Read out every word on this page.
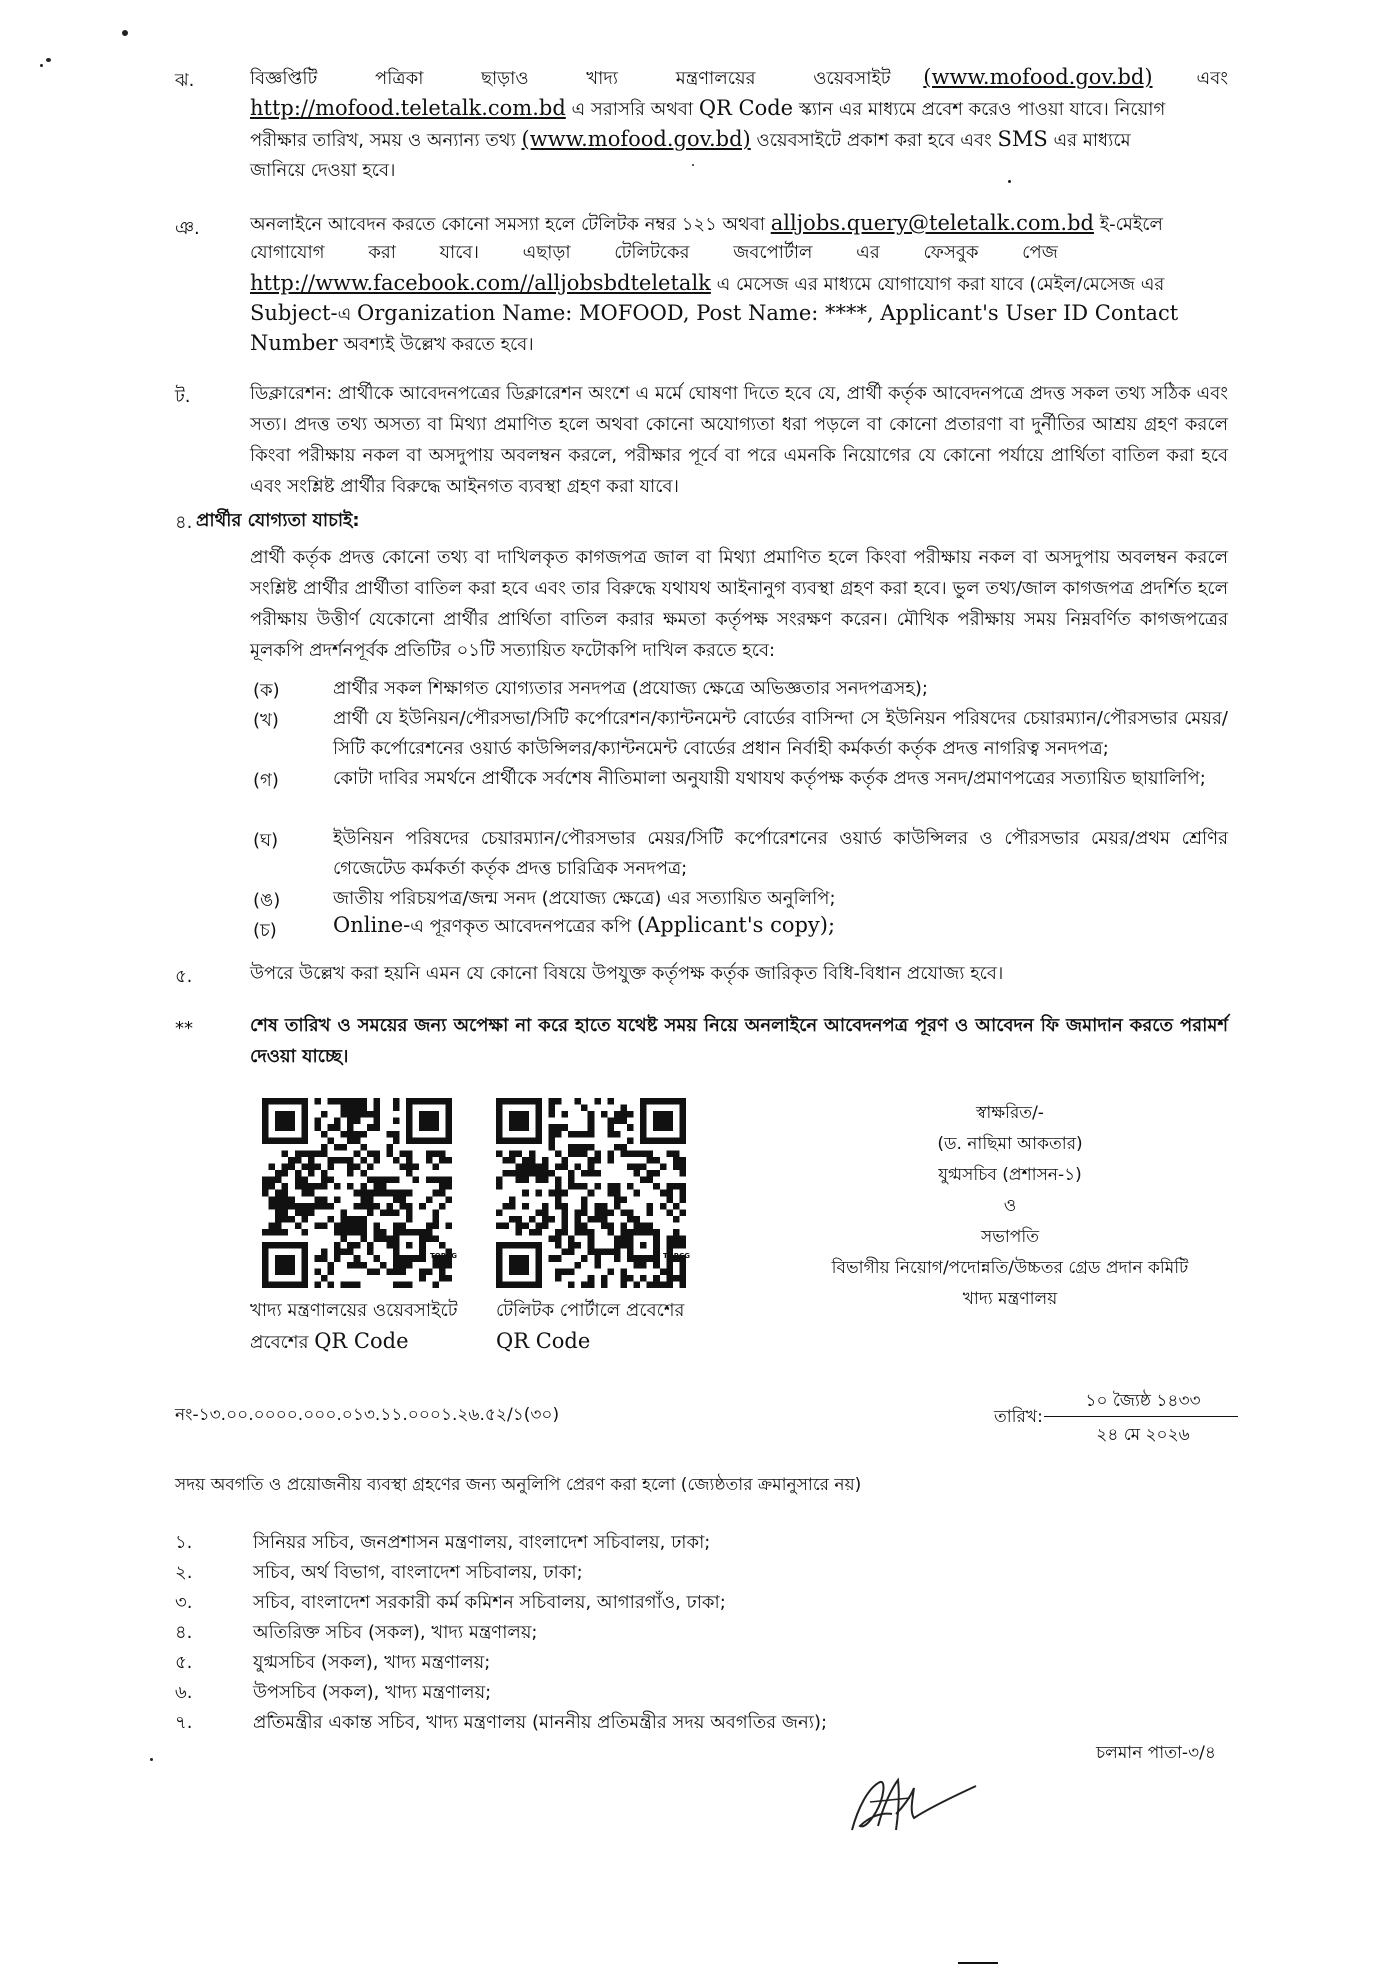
ঝ.	বিজ্ঞপ্তিটি পত্রিকা ছাড়াও খাদ্য মন্ত্রণালয়ের ওয়েবসাইট (www.mofood.gov.bd) এবং
http://mofood.teletalk.com.bd এ সরাসরি অথবা QR Code স্ক্যান এর মাধ্যমে প্রবেশ করেও পাওয়া যাবে। নিয়োগ
পরীক্ষার তারিখ, সময় ও অন্যান্য তথ্য (www.mofood.gov.bd) ওয়েবসাইটে প্রকাশ করা হবে এবং SMS এর মাধ্যমে
জানিয়ে দেওয়া হবে।
ঞ.	অনলাইনে আবেদন করতে কোনো সমস্যা হলে টেলিটক নম্বর ১২১ অথবা alljobs.query@teletalk.com.bd ই-মেইলে
যোগাযোগ করা যাবে। এছাড়া টেলিটকের জবপোর্টাল এর ফেসবুক পেজ
http://www.facebook.com//alljobsbdteletalk এ মেসেজ এর মাধ্যমে যোগাযোগ করা যাবে (মেইল/মেসেজ এর
Subject-এ Organization Name: MOFOOD, Post Name: ****, Applicant's User ID Contact
Number অবশ্যই উল্লেখ করতে হবে।
ট.	ডিক্লারেশন: প্রার্থীকে আবেদনপত্রের ডিক্লারেশন অংশে এ মর্মে ঘোষণা দিতে হবে যে, প্রার্থী কর্তৃক আবেদনপত্রে প্রদত্ত সকল তথ্য সঠিক এবং সত্য। প্রদত্ত তথ্য অসত্য বা মিথ্যা প্রমাণিত হলে অথবা কোনো অযোগ্যতা ধরা পড়লে বা কোনো প্রতারণা বা দুর্নীতির আশ্রয় গ্রহণ করলে কিংবা পরীক্ষায় নকল বা অসদুপায় অবলম্বন করলে, পরীক্ষার পূর্বে বা পরে এমনকি নিয়োগের যে কোনো পর্যায়ে প্রার্থিতা বাতিল করা হবে এবং সংশ্লিষ্ট প্রার্থীর বিরুদ্ধে আইনগত ব্যবস্থা গ্রহণ করা যাবে।
৪. প্রার্থীর যোগ্যতা যাচাই:
প্রার্থী কর্তৃক প্রদত্ত কোনো তথ্য বা দাখিলকৃত কাগজপত্র জাল বা মিথ্যা প্রমাণিত হলে কিংবা পরীক্ষায় নকল বা অসদুপায় অবলম্বন করলে সংশ্লিষ্ট প্রার্থীর প্রার্থীতা বাতিল করা হবে এবং তার বিরুদ্ধে যথাযথ আইনানুগ ব্যবস্থা গ্রহণ করা হবে। ভুল তথ্য/জাল কাগজপত্র প্রদর্শিত হলে পরীক্ষায় উত্তীর্ণ যেকোনো প্রার্থীর প্রার্থিতা বাতিল করার ক্ষমতা কর্তৃপক্ষ সংরক্ষণ করেন। মৌখিক পরীক্ষায় সময় নিম্নবর্ণিত কাগজপত্রের মূলকপি প্রদর্শনপূর্বক প্রতিটির ০১টি সত্যায়িত ফটোকপি দাখিল করতে হবে:
(ক)	প্রার্থীর সকল শিক্ষাগত যোগ্যতার সনদপত্র (প্রযোজ্য ক্ষেত্রে অভিজ্ঞতার সনদপত্রসহ);
(খ)	প্রার্থী যে ইউনিয়ন/পৌরসভা/সিটি কর্পোরেশন/ক্যান্টনমেন্ট বোর্ডের বাসিন্দা সে ইউনিয়ন পরিষদের চেয়ারম্যান/পৌরসভার মেয়র/সিটি কর্পোরেশনের ওয়ার্ড কাউন্সিলর/ক্যান্টনমেন্ট বোর্ডের প্রধান নির্বাহী কর্মকর্তা কর্তৃক প্রদত্ত নাগরিত্ব সনদপত্র;
(গ)	কোটা দাবির সমর্থনে প্রার্থীকে সর্বশেষ নীতিমালা অনুযায়ী যথাযথ কর্তৃপক্ষ কর্তৃক প্রদত্ত সনদ/প্রমাণপত্রের সত্যায়িত ছায়ালিপি;
(ঘ)	ইউনিয়ন পরিষদের চেয়ারম্যান/পৌরসভার মেয়র/সিটি কর্পোরেশনের ওয়ার্ড কাউন্সিলর ও পৌরসভার মেয়র/প্রথম শ্রেণির গেজেটেড কর্মকর্তা কর্তৃক প্রদত্ত চারিত্রিক সনদপত্র;
(ঙ)	জাতীয় পরিচয়পত্র/জন্ম সনদ (প্রযোজ্য ক্ষেত্রে) এর সত্যায়িত অনুলিপি;
(চ)	Online-এ পূরণকৃত আবেদনপত্রের কপি (Applicant's copy);
৫.	উপরে উল্লেখ করা হয়নি এমন যে কোনো বিষয়ে উপযুক্ত কর্তৃপক্ষ কর্তৃক জারিকৃত বিধি-বিধান প্রযোজ্য হবে।
**	শেষ তারিখ ও সময়ের জন্য অপেক্ষা না করে হাতে যথেষ্ট সময় নিয়ে অনলাইনে আবেদনপত্র পূরণ ও আবেদন ফি জমাদান করতে পরামর্শ দেওয়া যাচ্ছে।
TORCG	TORCG
খাদ্য মন্ত্রণালয়ের ওয়েবসাইটে
প্রবেশের QR Code
টেলিটক পোর্টালে প্রবেশের
QR Code
স্বাক্ষরিত/-
(ড. নাছিমা আকতার)
যুগ্মসচিব (প্রশাসন-১)
ও
সভাপতি
বিভাগীয় নিয়োগ/পদোন্নতি/উচ্চতর গ্রেড প্রদান কমিটি
খাদ্য মন্ত্রণালয়
নং-১৩.০০.০০০০.০০০.০১৩.১১.০০০১.২৬.৫২/১(৩০)	তারিখ:
১০ জ্যৈষ্ঠ ১৪৩৩
২৪ মে ২০২৬
সদয় অবগতি ও প্রয়োজনীয় ব্যবস্থা গ্রহণের জন্য অনুলিপি প্রেরণ করা হলো (জ্যেষ্ঠতার ক্রমানুসারে নয়)
১.	সিনিয়র সচিব, জনপ্রশাসন মন্ত্রণালয়, বাংলাদেশ সচিবালয়, ঢাকা;
২.	সচিব, অর্থ বিভাগ, বাংলাদেশ সচিবালয়, ঢাকা;
৩.	সচিব, বাংলাদেশ সরকারী কর্ম কমিশন সচিবালয়, আগারগাঁও, ঢাকা;
৪.	অতিরিক্ত সচিব (সকল), খাদ্য মন্ত্রণালয়;
৫.	যুগ্মসচিব (সকল), খাদ্য মন্ত্রণালয়;
৬.	উপসচিব (সকল), খাদ্য মন্ত্রণালয়;
৭.	প্রতিমন্ত্রীর একান্ত সচিব, খাদ্য মন্ত্রণালয় (মাননীয় প্রতিমন্ত্রীর সদয় অবগতির জন্য);
চলমান পাতা-৩/৪
